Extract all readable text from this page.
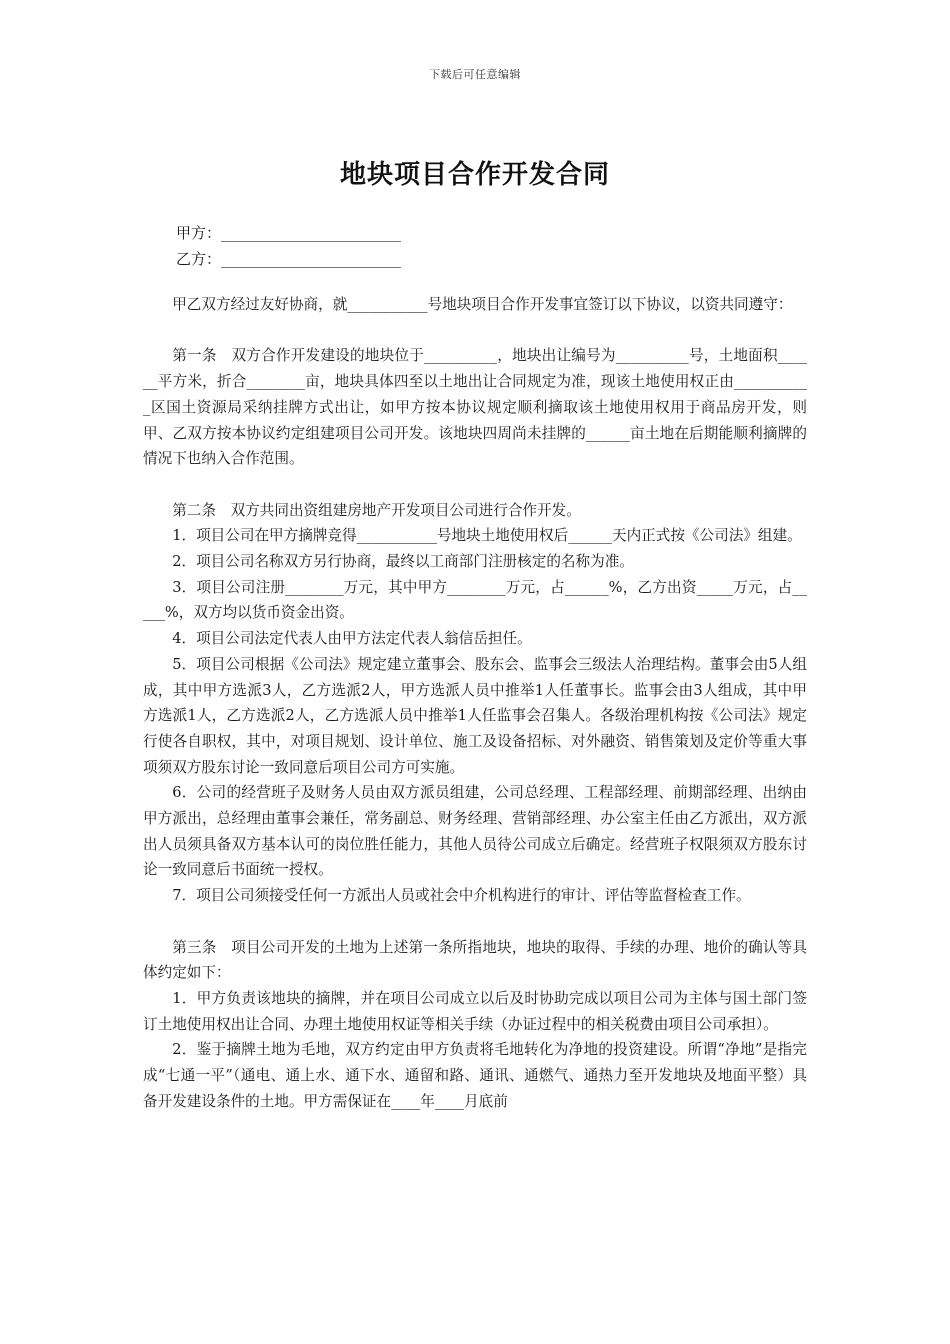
下载后可任意编辑
地块项目合作开发合同
甲方：________________________
乙方：________________________

甲乙双方经过友好协商，就___________号地块项目合作开发事宜签订以下协议，以资共同遵守：

第一条　双方合作开发建设的地块位于__________，地块出让编号为__________号，土地面积______平方米，折合________亩，地块具体四至以土地出让合同规定为准，现该土地使用权正由___________区国土资源局采纳挂牌方式出让，如甲方按本协议规定顺利摘取该土地使用权用于商品房开发，则甲、乙双方按本协议约定组建项目公司开发。该地块四周尚未挂牌的______亩土地在后期能顺利摘牌的情况下也纳入合作范围。

第二条　双方共同出资组建房地产开发项目公司进行合作开发。

1．项目公司在甲方摘牌竞得___________号地块土地使用权后______天内正式按《公司法》组建。

2．项目公司名称双方另行协商，最终以工商部门注册核定的名称为准。

3．项目公司注册________万元，其中甲方________万元，占______%，乙方出资_____万元，占_____%，双方均以货币资金出资。

4．项目公司法定代表人由甲方法定代表人翁信岳担任。

5．项目公司根据《公司法》规定建立董事会、股东会、监事会三级法人治理结构。董事会由5人组成，其中甲方选派3人，乙方选派2人，甲方选派人员中推举1人任董事长。监事会由3人组成，其中甲方选派1人，乙方选派2人，乙方选派人员中推举1人任监事会召集人。各级治理机构按《公司法》规定行使各自职权，其中，对项目规划、设计单位、施工及设备招标、对外融资、销售策划及定价等重大事项须双方股东讨论一致同意后项目公司方可实施。

6．公司的经营班子及财务人员由双方派员组建，公司总经理、工程部经理、前期部经理、出纳由甲方派出，总经理由董事会兼任，常务副总、财务经理、营销部经理、办公室主任由乙方派出，双方派出人员须具备双方基本认可的岗位胜任能力，其他人员待公司成立后确定。经营班子权限须双方股东讨论一致同意后书面统一授权。

7．项目公司须接受任何一方派出人员或社会中介机构进行的审计、评估等监督检查工作。

第三条　项目公司开发的土地为上述第一条所指地块，地块的取得、手续的办理、地价的确认等具体约定如下：

1．甲方负责该地块的摘牌，并在项目公司成立以后及时协助完成以项目公司为主体与国土部门签订土地使用权出让合同、办理土地使用权证等相关手续（办证过程中的相关税费由项目公司承担）。

2．鉴于摘牌土地为毛地，双方约定由甲方负责将毛地转化为净地的投资建设。所谓“净地”是指完成“七通一平”（通电、通上水、通下水、通留和路、通讯、通燃气、通热力至开发地块及地面平整）具备开发建设条件的土地。甲方需保证在____年____月底前
